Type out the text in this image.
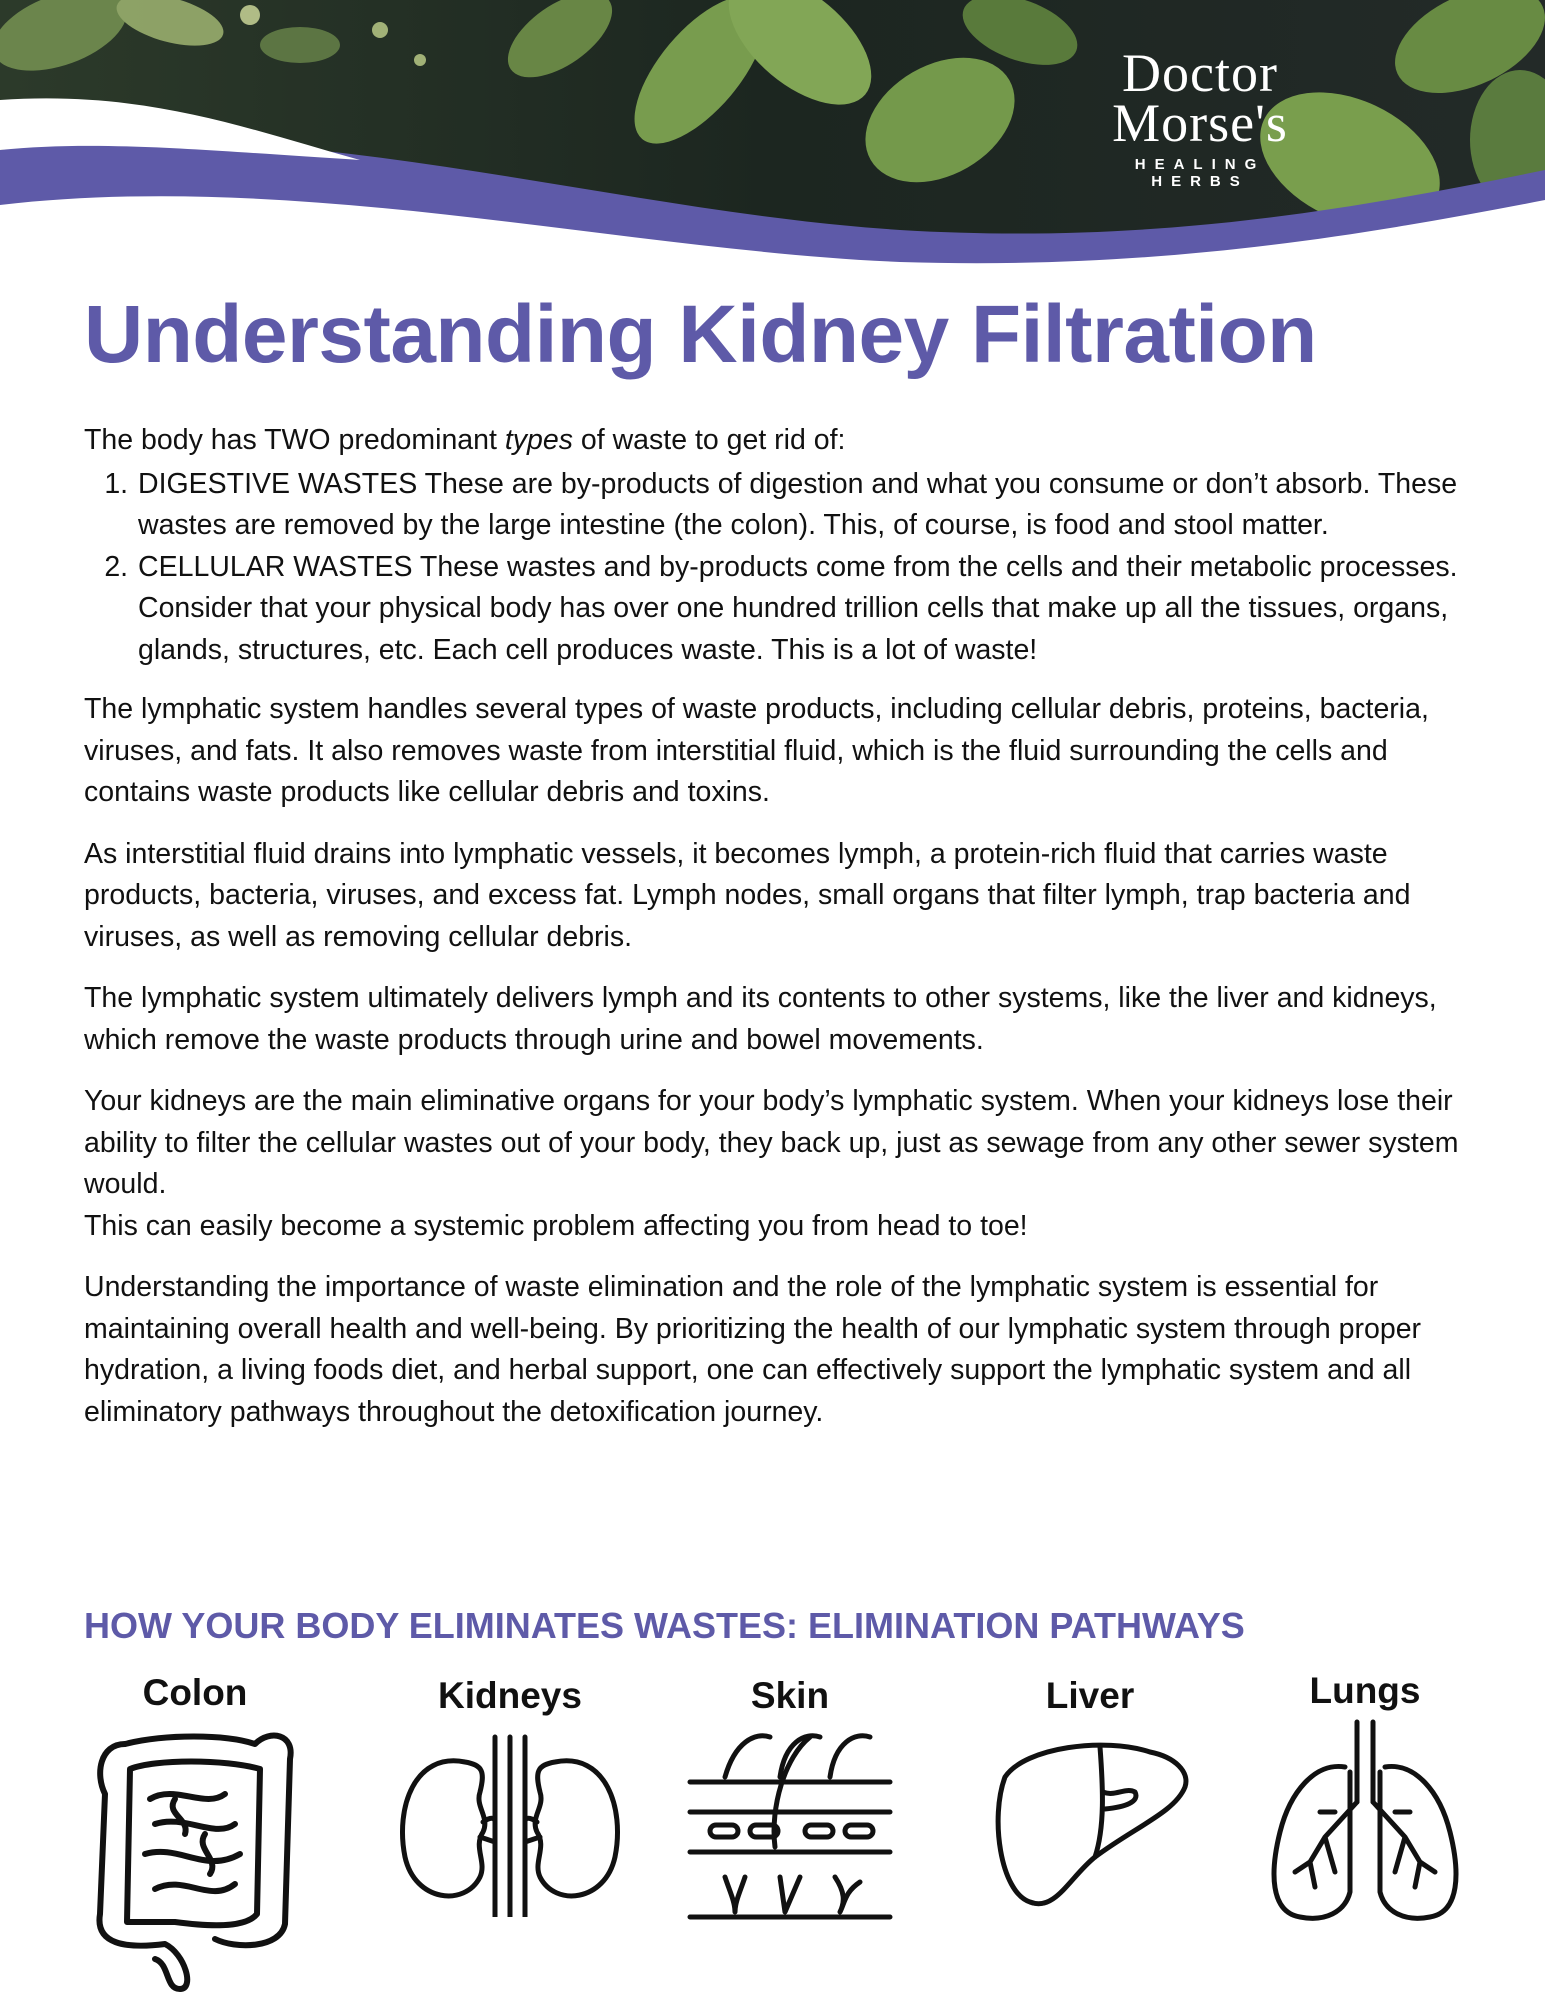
Doctor
Morse's
HEALING HERBS
Understanding Kidney Filtration

The body has TWO predominant types of waste to get rid of:

1. DIGESTIVE WASTES These are by-products of digestion and what you consume or don’t absorb. These wastes are removed by the large intestine (the colon). This, of course, is food and stool matter.
2. CELLULAR WASTES These wastes and by-products come from the cells and their metabolic processes. Consider that your physical body has over one hundred trillion cells that make up all the tissues, organs, glands, structures, etc. Each cell produces waste. This is a lot of waste!

The lymphatic system handles several types of waste products, including cellular debris, proteins, bacteria, viruses, and fats. It also removes waste from interstitial fluid, which is the fluid surrounding the cells and contains waste products like cellular debris and toxins.

As interstitial fluid drains into lymphatic vessels, it becomes lymph, a protein-rich fluid that carries waste products, bacteria, viruses, and excess fat. Lymph nodes, small organs that filter lymph, trap bacteria and viruses, as well as removing cellular debris.

The lymphatic system ultimately delivers lymph and its contents to other systems, like the liver and kidneys, which remove the waste products through urine and bowel movements.

Your kidneys are the main eliminative organs for your body’s lymphatic system. When your kidneys lose their ability to filter the cellular wastes out of your body, they back up, just as sewage from any other sewer system would.

This can easily become a systemic problem affecting you from head to toe!

Understanding the importance of waste elimination and the role of the lymphatic system is essential for maintaining overall health and well-being. By prioritizing the health of our lymphatic system through proper hydration, a living foods diet, and herbal support, one can effectively support the lymphatic system and all eliminatory pathways throughout the detoxification journey.

HOW YOUR BODY ELIMINATES WASTES: ELIMINATION PATHWAYS
Colon	Kidneys	Skin	Liver	Lungs
